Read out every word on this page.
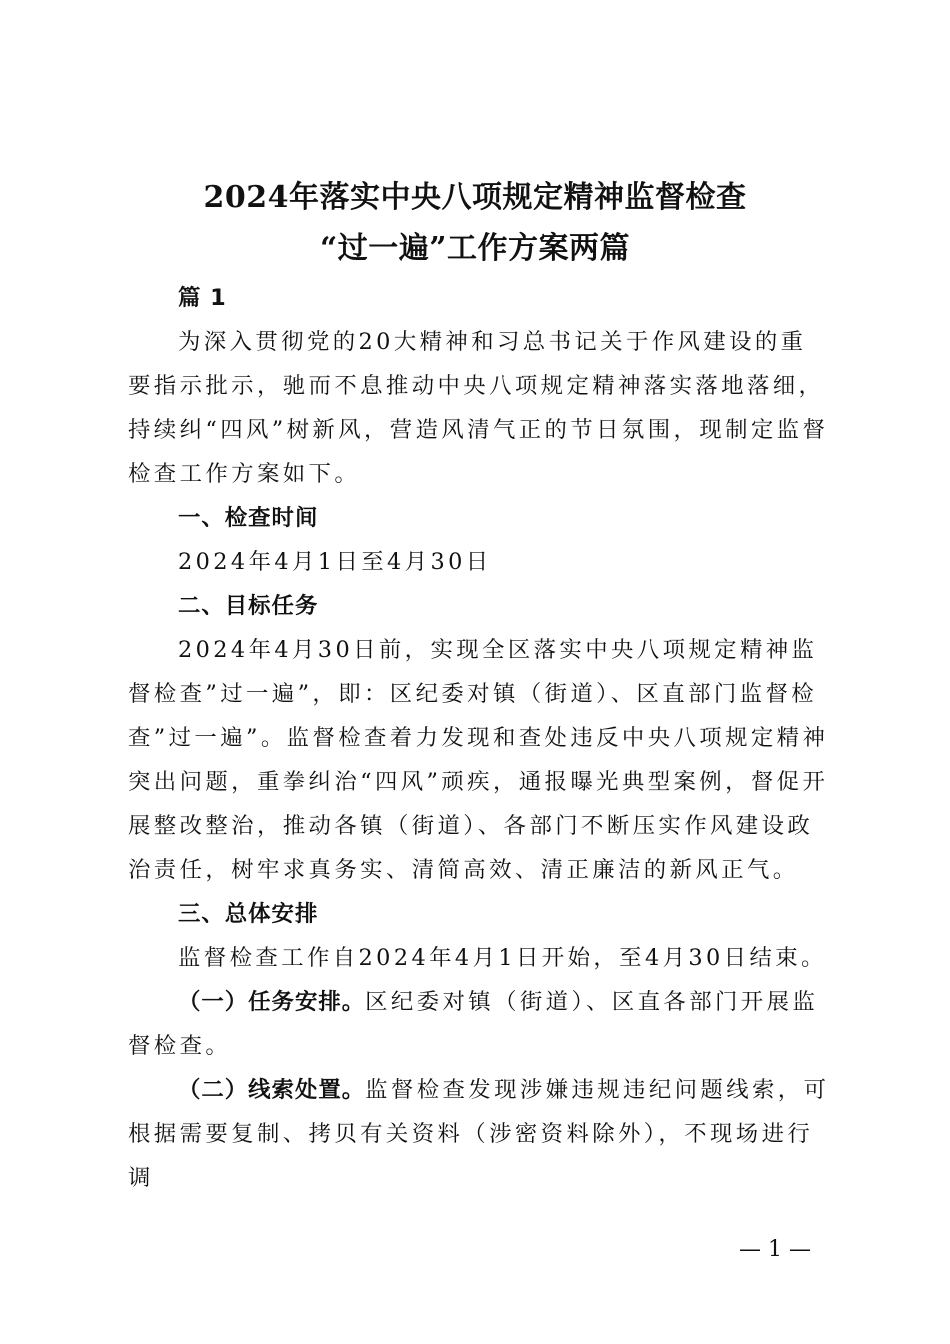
2024年落实中央八项规定精神监督检查
“过一遍”工作方案两篇

篇 1

为深入贯彻党的20大精神和习总书记关于作风建设的重要指示批示，驰而不息推动中央八项规定精神落实落地落细，持续纠“四风”树新风，营造风清气正的节日氛围，现制定监督检查工作方案如下。

一、检查时间

2024年4月1日至4月30日

二、目标任务

2024年4月30日前，实现全区落实中央八项规定精神监督检查”过一遍”，即：区纪委对镇（街道）、区直部门监督检查”过一遍”。监督检查着力发现和查处违反中央八项规定精神突出问题，重拳纠治“四风”顽疾，通报曝光典型案例，督促开展整改整治，推动各镇（街道）、各部门不断压实作风建设政治责任，树牢求真务实、清简高效、清正廉洁的新风正气。

三、总体安排

监督检查工作自2024年4月1日开始，至4月30日结束。

（一）任务安排。区纪委对镇（街道）、区直各部门开展监督检查。

（二）线索处置。监督检查发现涉嫌违规违纪问题线索，可根据需要复制、拷贝有关资料（涉密资料除外），不现场进行调

— 1 —
